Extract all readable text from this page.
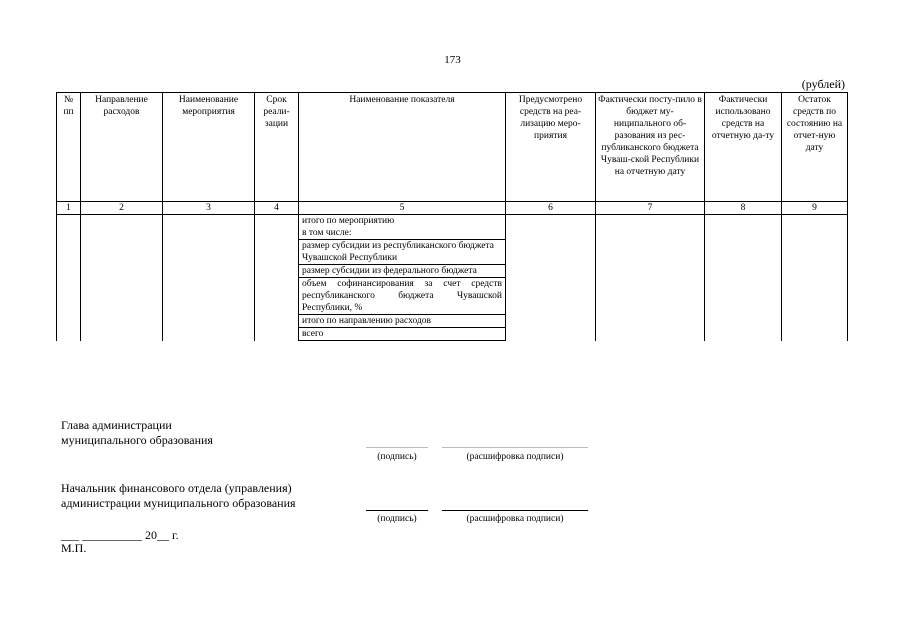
173
(рублей)
№ пп	Направление расходов	Наименование мероприятия	Срок реали-зации	Наименование показателя	Предусмотрено средств на реа-лизацию меро-приятия	Фактически посту-пило в бюджет му-ниципального об-разования из рес-публиканского бюджета Чуваш-ской Республики на отчетную дату	Фактически использовано средств на отчетную да-ту	Остаток средств по состоянию на отчет-ную дату
1	2	3	4	5	6	7	8	9
				итого по мероприятию				
				в том числе:				
				размер субсидии из республиканского бюджета Чувашской Республики				
				размер субсидии из федерального бюджета				
				объем софинансирования за счет средств республиканского бюджета Чувашской Республики, %				
				итого по направлению расходов				
				всего				
Глава администрации
муниципального образования
(подпись)	(расшифровка подписи)
Начальник финансового отдела (управления)
администрации муниципального образования
(подпись)	(расшифровка подписи)
___ __________ 20__ г.
М.П.
